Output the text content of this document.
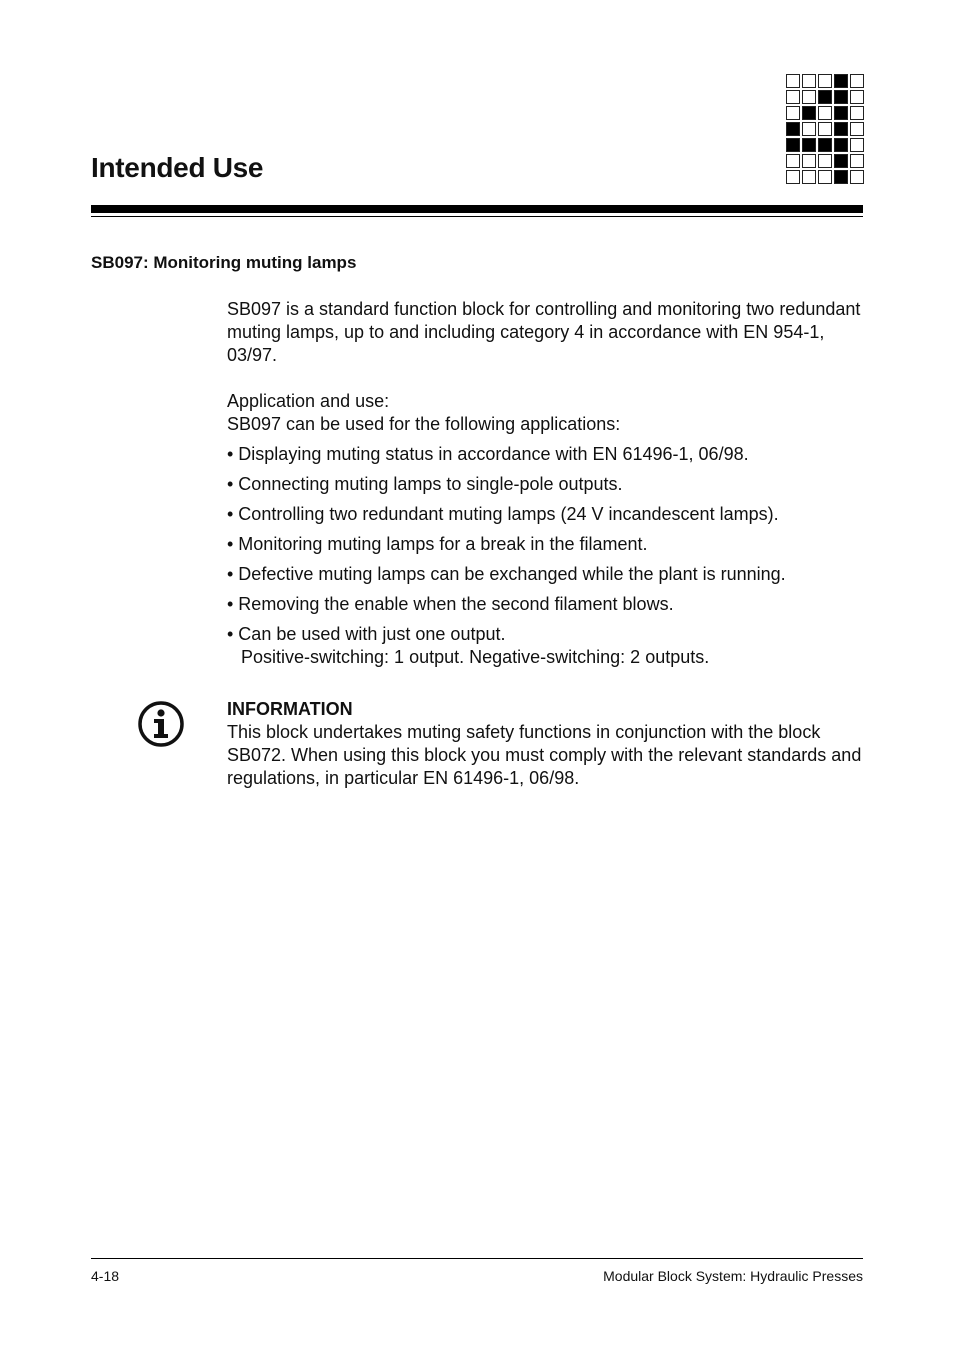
Intended Use
SB097: Monitoring muting lamps

SB097 is a standard function block for controlling and monitoring two redundant muting lamps, up to and including category 4 in accordance with EN 954-1, 03/97.

Application and use:
SB097 can be used for the following applications:
• Displaying muting status in accordance with EN 61496-1, 06/98.
• Connecting muting lamps to single-pole outputs.
• Controlling two redundant muting lamps (24 V incandescent lamps).
• Monitoring muting lamps for a break in the filament.
• Defective muting lamps can be exchanged while the plant is running.
• Removing the enable when the second filament blows.
• Can be used with just one output.
Positive-switching: 1 output. Negative-switching: 2 outputs.
INFORMATION

This block undertakes muting safety functions in conjunction with the block SB072. When using this block you must comply with the relevant standards and regulations, in particular EN 61496-1, 06/98.

4-18	Modular Block System: Hydraulic Presses
